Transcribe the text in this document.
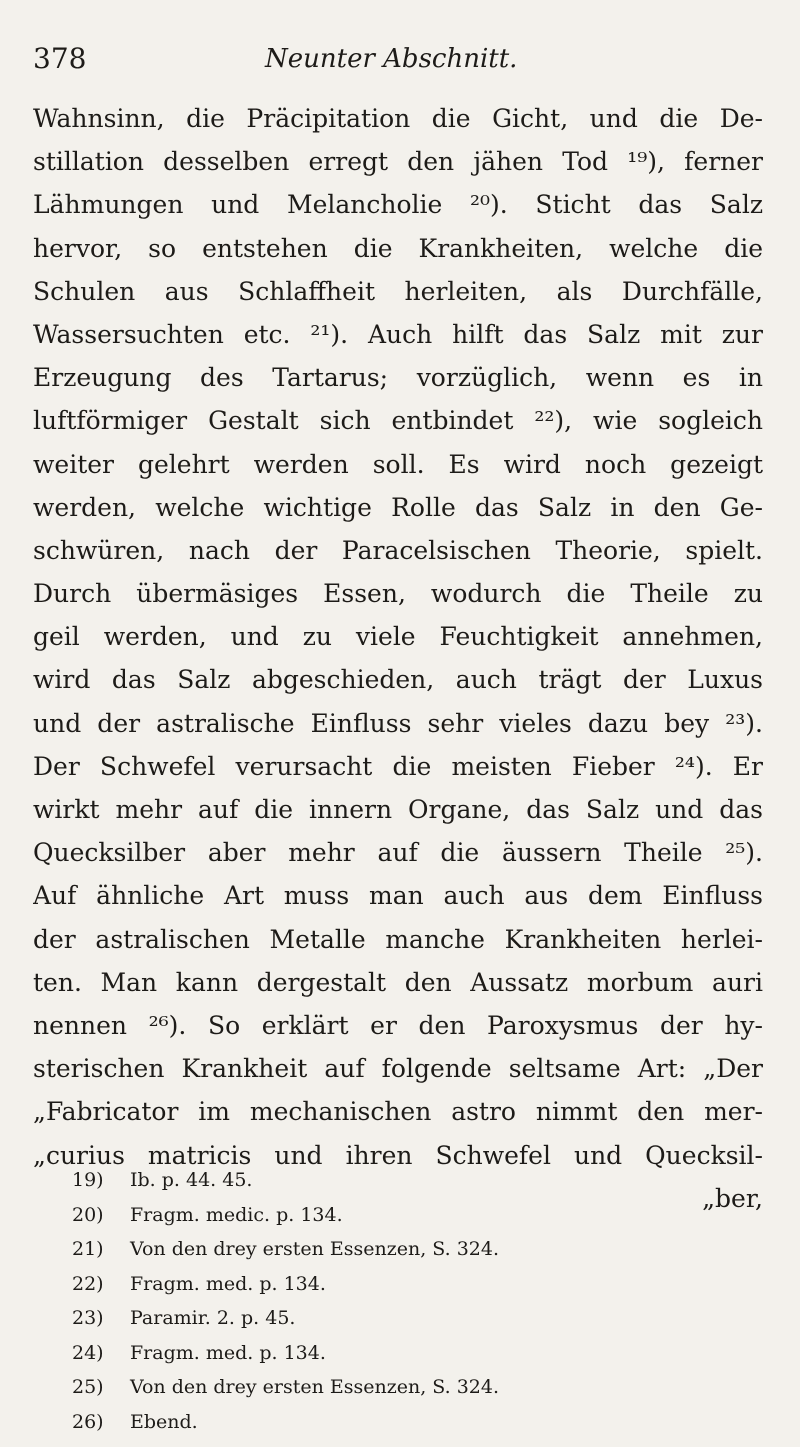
378	Neunter Abschnitt.
Wahnsinn, die Präcipitation die Gicht, und die De-
stillation desselben erregt den jähen Tod ¹⁹), ferner
Lähmungen und Melancholie ²⁰). Sticht das Salz
hervor, so entstehen die Krankheiten, welche die
Schulen aus Schlaffheit herleiten, als Durchfälle,
Wassersuchten etc. ²¹). Auch hilft das Salz mit zur
Erzeugung des Tartarus; vorzüglich, wenn es in
luftförmiger Gestalt sich entbindet ²²), wie sogleich
weiter gelehrt werden soll. Es wird noch gezeigt
werden, welche wichtige Rolle das Salz in den Ge-
schwüren, nach der Paracelsischen Theorie, spielt.
Durch übermäsiges Essen, wodurch die Theile zu
geil werden, und zu viele Feuchtigkeit annehmen,
wird das Salz abgeschieden, auch trägt der Luxus
und der astralische Einfluss sehr vieles dazu bey ²³).
Der Schwefel verursacht die meisten Fieber ²⁴). Er
wirkt mehr auf die innern Organe, das Salz und das
Quecksilber aber mehr auf die äussern Theile ²⁵).
Auf ähnliche Art muss man auch aus dem Einfluss
der astralischen Metalle manche Krankheiten herlei-
ten. Man kann dergestalt den Aussatz morbum auri
nennen ²⁶). So erklärt er den Paroxysmus der hy-
sterischen Krankheit auf folgende seltsame Art: „Der
„Fabricator im mechanischen astro nimmt den mer-
„curius matricis und ihren Schwefel und Quecksil-
„ber,
19) Ib. p. 44. 45.
20) Fragm. medic. p. 134.
21) Von den drey ersten Essenzen, S. 324.
22) Fragm. med. p. 134.
23) Paramir. 2. p. 45.
24) Fragm. med. p. 134.
25) Von den drey ersten Essenzen, S. 324.
26) Ebend.
